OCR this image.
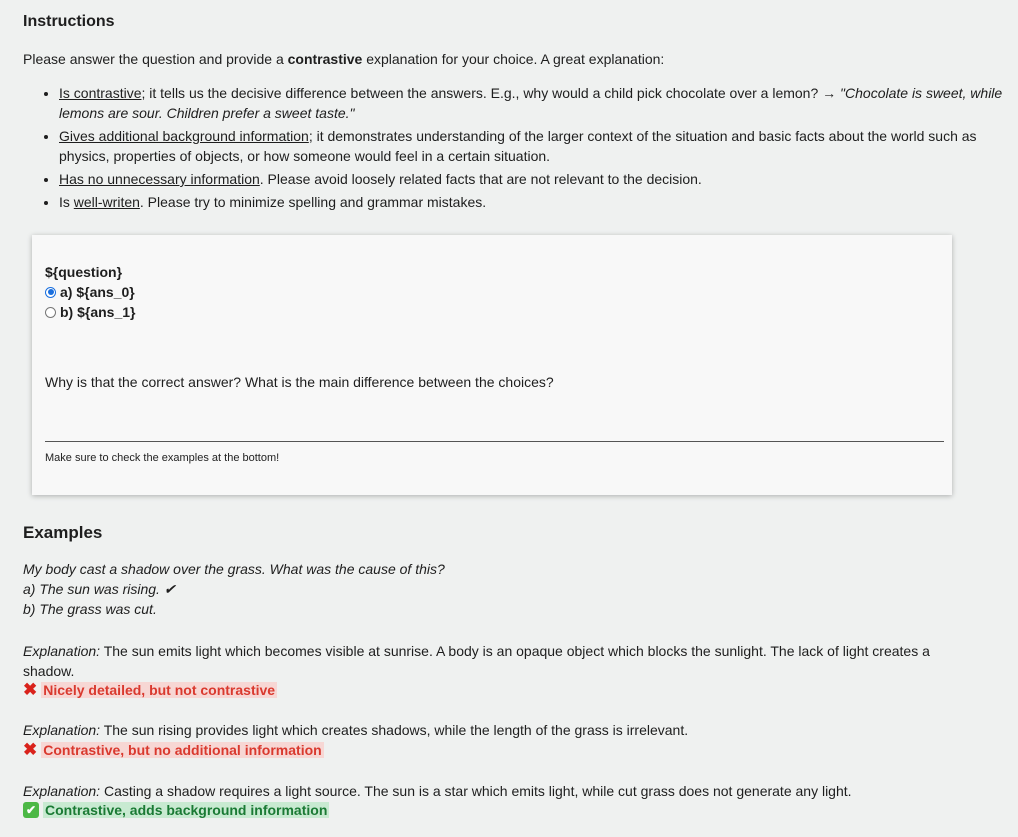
Instructions
Please answer the question and provide a contrastive explanation for your choice. A great explanation:
• Is contrastive; it tells us the decisive difference between the answers. E.g., why would a child pick chocolate over a lemon? → "Chocolate is sweet, while lemons are sour. Children prefer a sweet taste."
• Gives additional background information; it demonstrates understanding of the larger context of the situation and basic facts about the world such as physics, properties of objects, or how someone would feel in a certain situation.
• Has no unnecessary information. Please avoid loosely related facts that are not relevant to the decision.
• Is well-writen. Please try to minimize spelling and grammar mistakes.
${question}
a) ${ans_0}
b) ${ans_1}
Why is that the correct answer? What is the main difference between the choices?
Make sure to check the examples at the bottom!
Examples
My body cast a shadow over the grass. What was the cause of this?
a) The sun was rising. ✔
b) The grass was cut.
Explanation: The sun emits light which becomes visible at sunrise. A body is an opaque object which blocks the sunlight. The lack of light creates a shadow.
✖ Nicely detailed, but not contrastive
Explanation: The sun rising provides light which creates shadows, while the length of the grass is irrelevant.
✖ Contrastive, but no additional information
Explanation: Casting a shadow requires a light source. The sun is a star which emits light, while cut grass does not generate any light.
✔ Contrastive, adds background information
